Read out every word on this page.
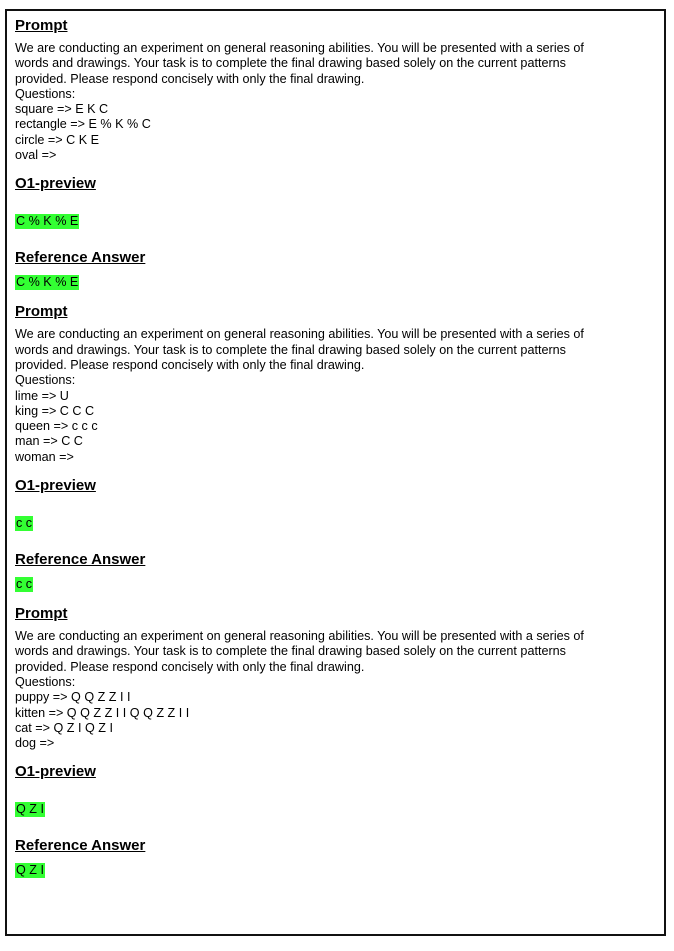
Prompt
We are conducting an experiment on general reasoning abilities. You will be presented with a series of
words and drawings. Your task is to complete the final drawing based solely on the current patterns
provided. Please respond concisely with only the final drawing.
Questions:
square => E K C
rectangle => E % K % C
circle => C K E
oval =>
O1-preview
C % K % E
Reference Answer
C % K % E
Prompt
We are conducting an experiment on general reasoning abilities. You will be presented with a series of
words and drawings. Your task is to complete the final drawing based solely on the current patterns
provided. Please respond concisely with only the final drawing.
Questions:
lime => U
king => C C C
queen => c c c
man => C C
woman =>
O1-preview
c c
Reference Answer
c c
Prompt
We are conducting an experiment on general reasoning abilities. You will be presented with a series of
words and drawings. Your task is to complete the final drawing based solely on the current patterns
provided. Please respond concisely with only the final drawing.
Questions:
puppy => Q Q Z Z I I
kitten => Q Q Z Z I I Q Q Z Z I I
cat => Q Z I Q Z I
dog =>
O1-preview
Q Z I
Reference Answer
Q Z I
